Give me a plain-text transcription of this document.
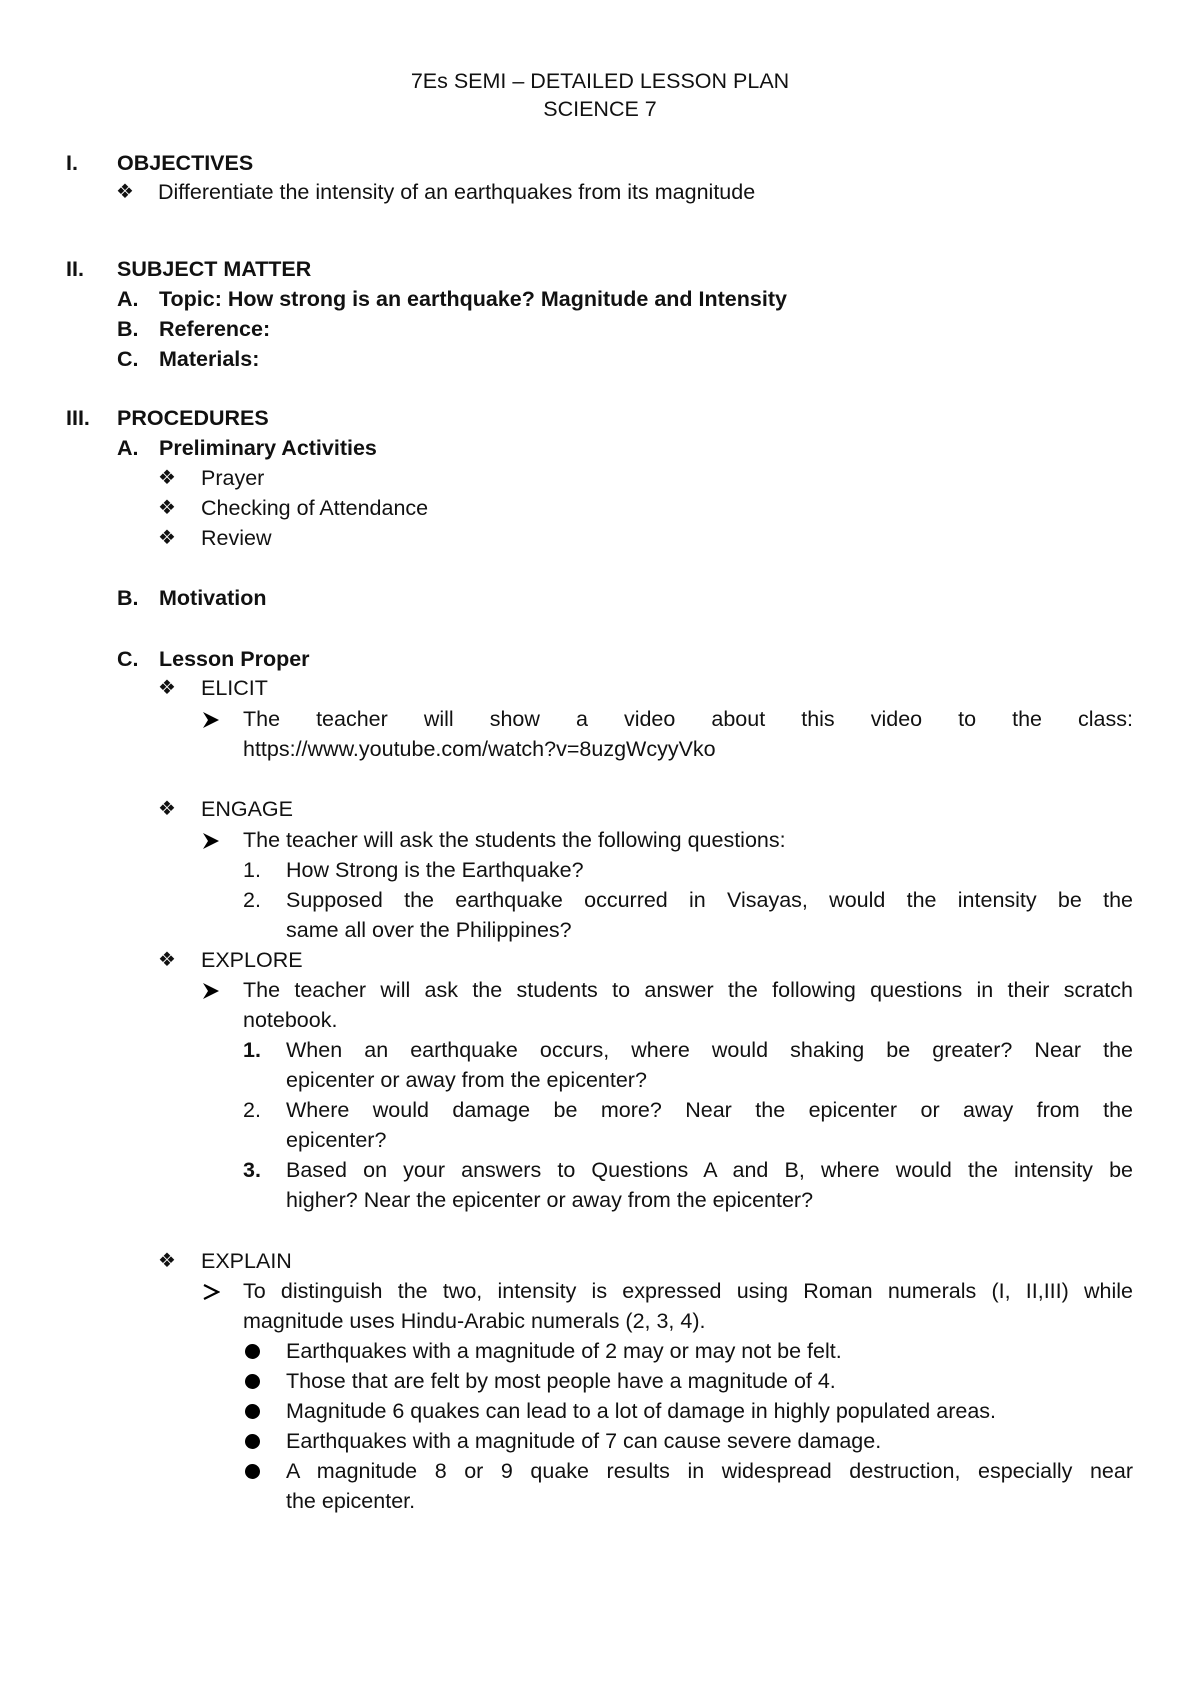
7Es SEMI – DETAILED LESSON PLAN
SCIENCE 7
I. OBJECTIVES
❖ Differentiate the intensity of an earthquakes from its magnitude
II. SUBJECT MATTER
A. Topic: How strong is an earthquake? Magnitude and Intensity
B. Reference:
C. Materials:
III. PROCEDURES
A. Preliminary Activities
❖ Prayer
❖ Checking of Attendance
❖ Review
B. Motivation
C. Lesson Proper
❖ ELICIT
The teacher will show a video about this video to the class:
https://www.youtube.com/watch?v=8uzgWcyyVko
❖ ENGAGE
The teacher will ask the students the following questions:
1. How Strong is the Earthquake?
2. Supposed the earthquake occurred in Visayas, would the intensity be the
same all over the Philippines?
❖ EXPLORE
The teacher will ask the students to answer the following questions in their scratch
notebook.
1. When an earthquake occurs, where would shaking be greater? Near the
epicenter or away from the epicenter?
2. Where would damage be more? Near the epicenter or away from the
epicenter?
3. Based on your answers to Questions A and B, where would the intensity be
higher? Near the epicenter or away from the epicenter?
❖ EXPLAIN
To distinguish the two, intensity is expressed using Roman numerals (I, II,III) while
magnitude uses Hindu-Arabic numerals (2, 3, 4).
Earthquakes with a magnitude of 2 may or may not be felt.
Those that are felt by most people have a magnitude of 4.
Magnitude 6 quakes can lead to a lot of damage in highly populated areas.
Earthquakes with a magnitude of 7 can cause severe damage.
A magnitude 8 or 9 quake results in widespread destruction, especially near
the epicenter.
